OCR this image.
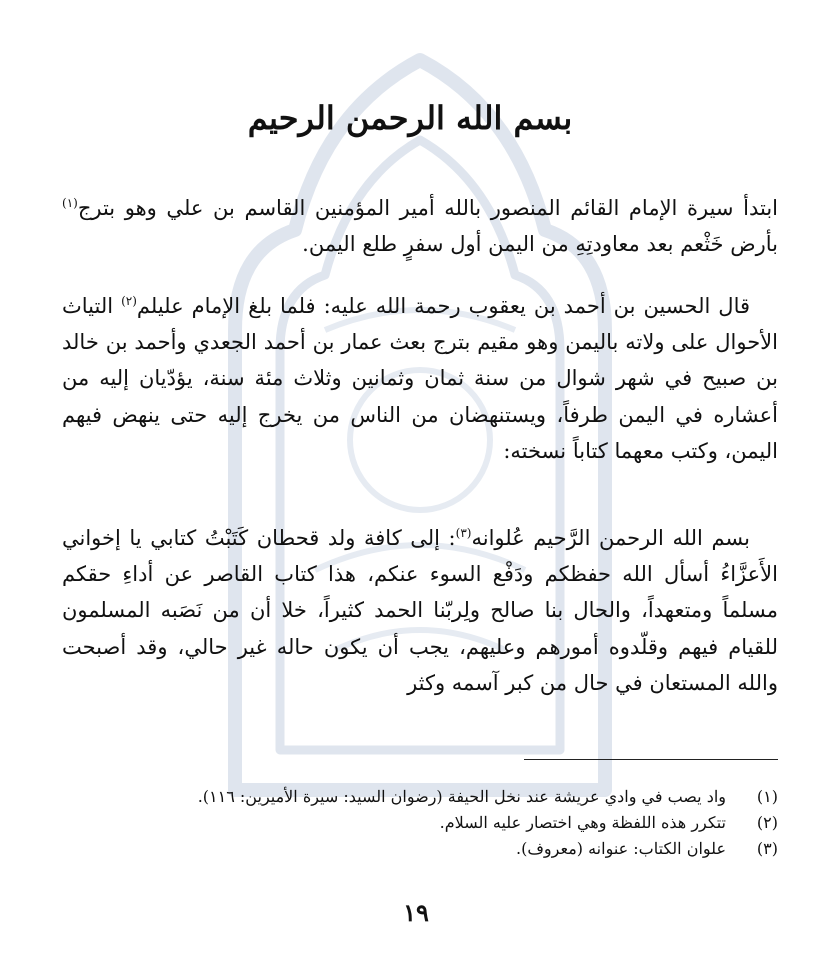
بسم الله الرحمن الرحيم

ابتدأ سيرة الإمام القائم المنصور بالله أمير المؤمنين القاسم بن علي وهو بترج$^{(١)}$ بأرض خَثْعم بعد معاودتِهِ من اليمن أول سفرٍ طلع اليمن.

قال الحسين بن أحمد بن يعقوب رحمة الله عليه: فلما بلغ الإمام عليلم$^{(٢)}$ التياث الأحوال على ولاته باليمن وهو مقيم بترج بعث عمار بن أحمد الجعدي وأحمد بن خالد بن صبيح في شهر شوال من سنة ثمان وثمانين وثلاث مئة سنة، يؤدّيان إليه من أعشاره في اليمن طرفاً، ويستنهضان من الناس من يخرج إليه حتى ينهض فيهم اليمن، وكتب معهما كتاباً نسخته:

بسم الله الرحمن الرَّحيم عُلوانه$^{(٣)}$: إلى كافة ولد قحطان كَتَبْتُ كتابي يا إخواني الأَعزَّاءُ أسأل الله حفظكم ودَفْع السوء عنكم، هذا كتاب القاصر عن أداءِ حقكم مسلماً ومتعهداً، والحال بنا صالح ولِربّنا الحمد كثيراً، خلا أن من نَصَبه المسلمون للقيام فيهم وقلّدوه أمورهم وعليهم، يجب أن يكون حاله غير حالي، وقد أصبحت والله المستعان في حال من كبر آسمه وكثر

(١)
واد يصب في وادي عريشة عند نخل الحيفة (رضوان السيد: سيرة الأميرين: ١١٦).
(٢)
تتكرر هذه اللفظة وهي اختصار عليه السلام.
(٣)
علوان الكتاب: عنوانه (معروف).
١٩
